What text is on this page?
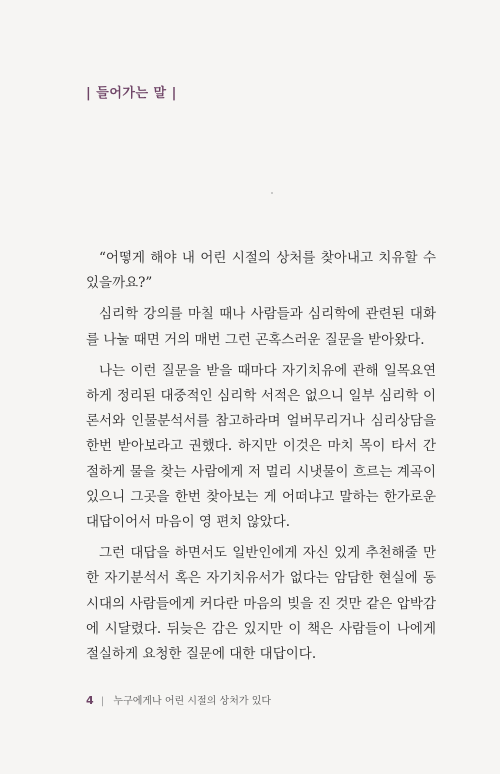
| 들어가는 말 |

“어떻게 해야 내 어린 시절의 상처를 찾아내고 치유할 수 있을까요?”

심리학 강의를 마칠 때나 사람들과 심리학에 관련된 대화를 나눌 때면 거의 매번 그런 곤혹스러운 질문을 받아왔다.

나는 이런 질문을 받을 때마다 자기치유에 관해 일목요연하게 정리된 대중적인 심리학 서적은 없으니 일부 심리학 이론서와 인물분석서를 참고하라며 얼버무리거나 심리상담을 한번 받아보라고 권했다. 하지만 이것은 마치 목이 타서 간절하게 물을 찾는 사람에게 저 멀리 시냇물이 흐르는 계곡이 있으니 그곳을 한번 찾아보는 게 어떠냐고 말하는 한가로운 대답이어서 마음이 영 편치 않았다.

그런 대답을 하면서도 일반인에게 자신 있게 추천해줄 만한 자기분석서 혹은 자기치유서가 없다는 암담한 현실에 동시대의 사람들에게 커다란 마음의 빚을 진 것만 같은 압박감에 시달렸다. 뒤늦은 감은 있지만 이 책은 사람들이 나에게 절실하게 요청한 질문에 대한 대답이다.

4 | 누구에게나 어린 시절의 상처가 있다
